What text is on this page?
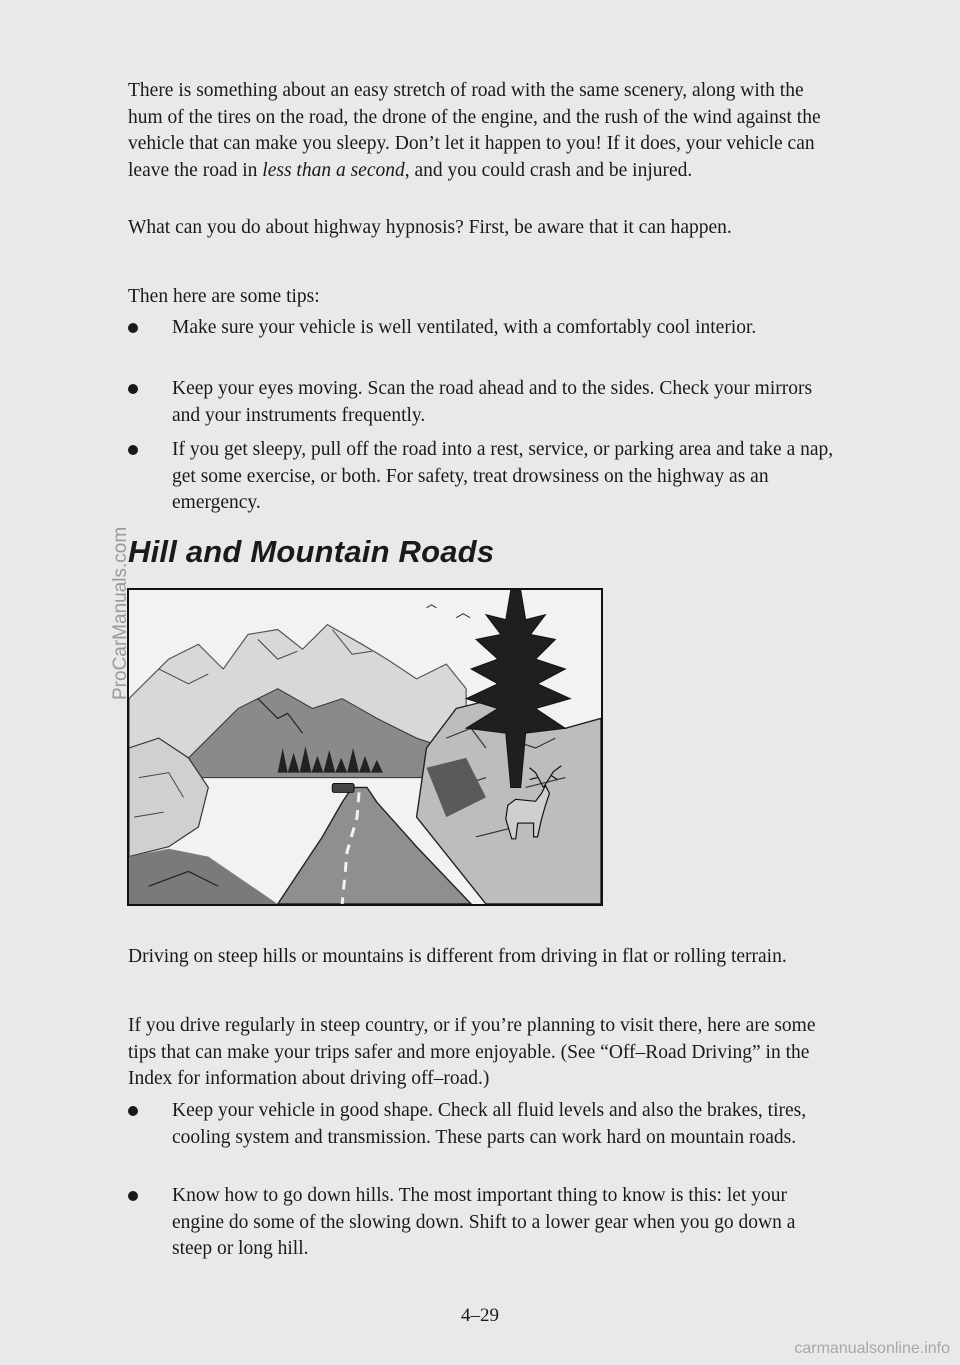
There is something about an easy stretch of road with the same scenery, along with the hum of the tires on the road, the drone of the engine, and the rush of the wind against the vehicle that can make you sleepy. Don’t let it happen to you! If it does, your vehicle can leave the road in less than a second, and you could crash and be injured.

What can you do about highway hypnosis? First, be aware that it can happen.

Then here are some tips:

Make sure your vehicle is well ventilated, with a comfortably cool interior.
Keep your eyes moving. Scan the road ahead and to the sides. Check your mirrors and your instruments frequently.
If you get sleepy, pull off the road into a rest, service, or parking area and take a nap, get some exercise, or both. For safety, treat drowsiness on the highway as an emergency.
Hill and Mountain Roads

Driving on steep hills or mountains is different from driving in flat or rolling terrain.

If you drive regularly in steep country, or if you’re planning to visit there, here are some tips that can make your trips safer and more enjoyable. (See “Off–Road Driving” in the Index for information about driving off–road.)

Keep your vehicle in good shape. Check all fluid levels and also the brakes, tires, cooling system and transmission. These parts can work hard on mountain roads.
Know how to go down hills. The most important thing to know is this: let your engine do some of the slowing down. Shift to a lower gear when you go down a steep or long hill.
4–29
ProCarManuals.com
carmanualsonline.info
